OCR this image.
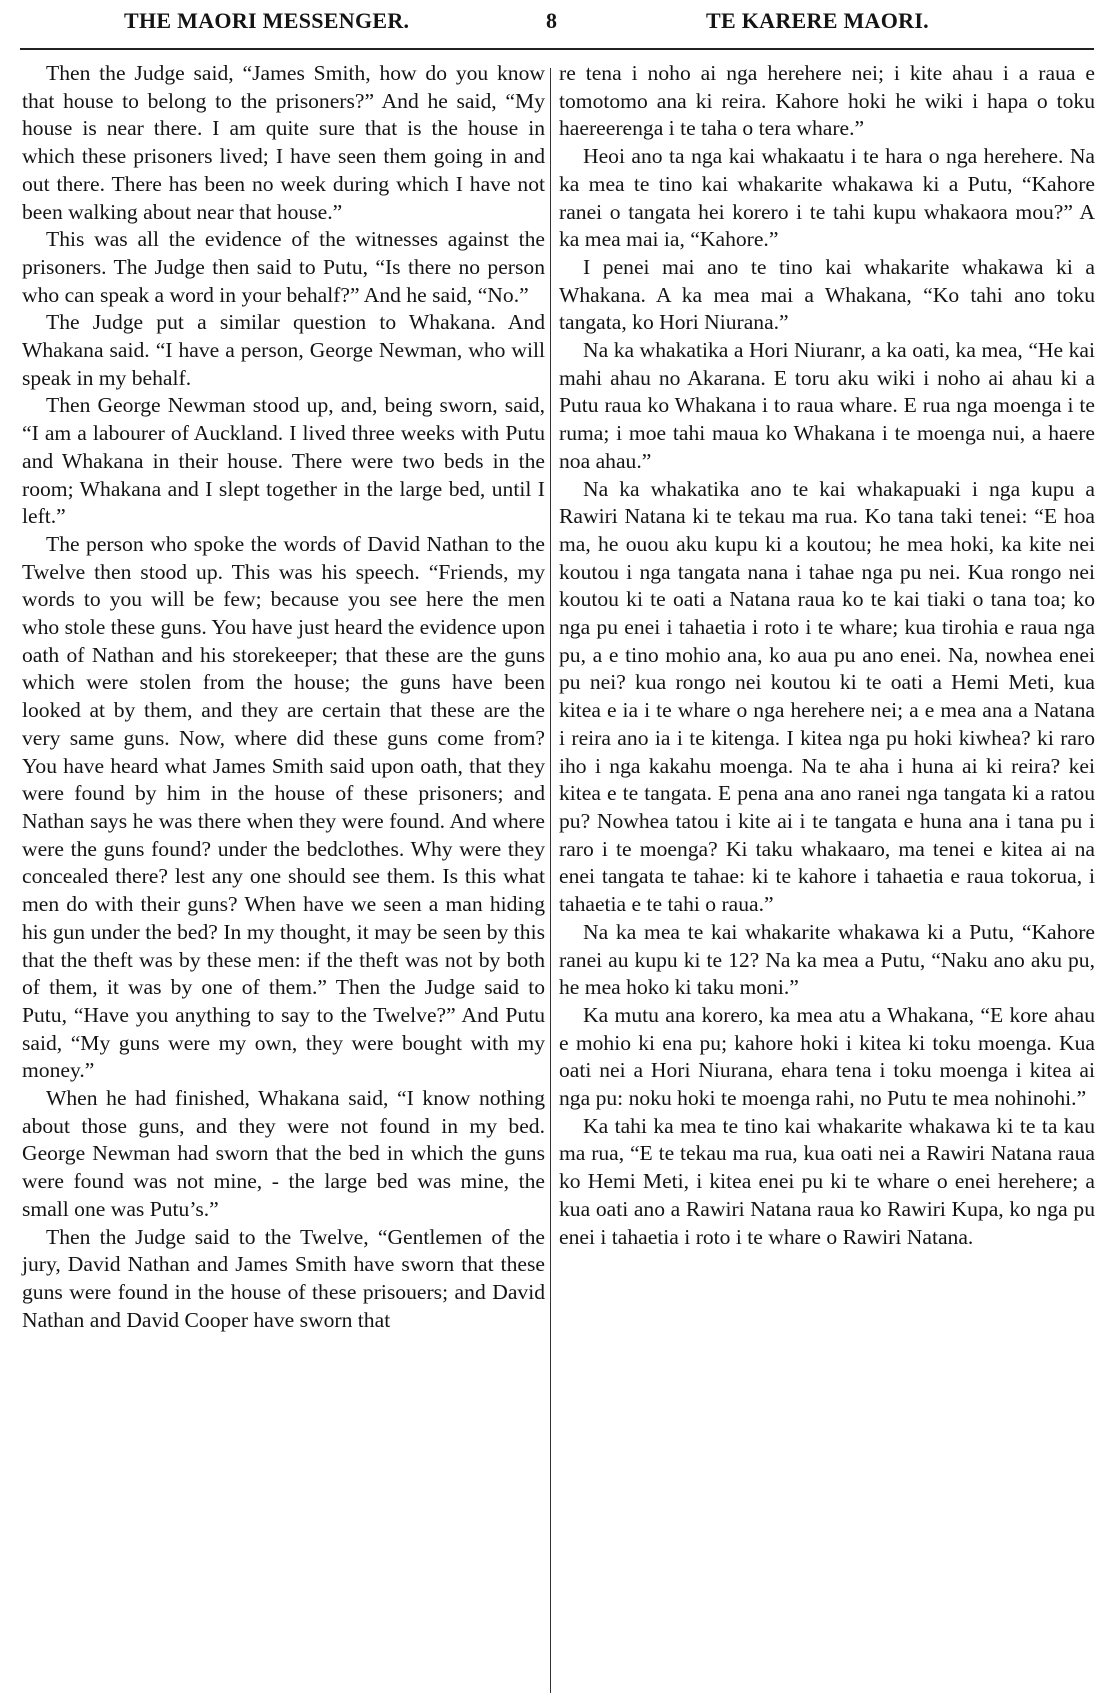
THE MAORI MESSENGER.	8	TE KARERE MAORI.

Then the Judge said, “James Smith, how do you know that house to belong to the prisoners?” And he said, “My house is near there. I am quite sure that is the house in which these prisoners lived; I have seen them going in and out there. There has been no week during which I have not been walking about near that house.”

This was all the evidence of the witnesses against the prisoners. The Judge then said to Putu, “Is there no person who can speak a word in your behalf?” And he said, “No.”

The Judge put a similar question to Whakana. And Whakana said. “I have a person, George Newman, who will speak in my behalf.

Then George Newman stood up, and, being sworn, said, “I am a labourer of Auckland. I lived three weeks with Putu and Whakana in their house. There were two beds in the room; Whakana and I slept together in the large bed, until I left.”

The person who spoke the words of David Nathan to the Twelve then stood up. This was his speech. “Friends, my words to you will be few; because you see here the men who stole these guns. You have just heard the evidence upon oath of Nathan and his storekeeper; that these are the guns which were stolen from the house; the guns have been looked at by them, and they are certain that these are the very same guns. Now, where did these guns come from? You have heard what James Smith said upon oath, that they were found by him in the house of these prisoners; and Nathan says he was there when they were found. And where were the guns found? under the bedclothes. Why were they concealed there? lest any one should see them. Is this what men do with their guns? When have we seen a man hiding his gun under the bed? In my thought, it may be seen by this that the theft was by these men: if the theft was not by both of them, it was by one of them.” Then the Judge said to Putu, “Have you anything to say to the Twelve?” And Putu said, “My guns were my own, they were bought with my money.”

When he had finished, Whakana said, “I know nothing about those guns, and they were not found in my bed. George Newman had sworn that the bed in which the guns were found was not mine, - the large bed was mine, the small one was Putu’s.”

Then the Judge said to the Twelve, “Gentlemen of the jury, David Nathan and James Smith have sworn that these guns were found in the house of these prisouers; and David Nathan and David Cooper have sworn that

re tena i noho ai nga herehere nei; i kite ahau i a raua e tomotomo ana ki reira. Kahore hoki he wiki i hapa o toku haereerenga i te taha o tera whare.”

Heoi ano ta nga kai whakaatu i te hara o nga herehere. Na ka mea te tino kai whakarite whakawa ki a Putu, “Kahore ranei o tangata hei korero i te tahi kupu whakaora mou?” A ka mea mai ia, “Kahore.”

I penei mai ano te tino kai whakarite whakawa ki a Whakana. A ka mea mai a Whakana, “Ko tahi ano toku tangata, ko Hori Niurana.”

Na ka whakatika a Hori Niuranr, a ka oati, ka mea, “He kai mahi ahau no Akarana. E toru aku wiki i noho ai ahau ki a Putu raua ko Whakana i to raua whare. E rua nga moenga i te ruma; i moe tahi maua ko Whakana i te moenga nui, a haere noa ahau.”

Na ka whakatika ano te kai whakapuaki i nga kupu a Rawiri Natana ki te tekau ma rua. Ko tana taki tenei: “E hoa ma, he ouou aku kupu ki a koutou; he mea hoki, ka kite nei koutou i nga tangata nana i tahae nga pu nei. Kua rongo nei koutou ki te oati a Natana raua ko te kai tiaki o tana toa; ko nga pu enei i tahaetia i roto i te whare; kua tirohia e raua nga pu, a e tino mohio ana, ko aua pu ano enei. Na, nowhea enei pu nei? kua rongo nei koutou ki te oati a Hemi Meti, kua kitea e ia i te whare o nga herehere nei; a e mea ana a Natana i reira ano ia i te kitenga. I kitea nga pu hoki kiwhea? ki raro iho i nga kakahu moenga. Na te aha i huna ai ki reira? kei kitea e te tangata. E pena ana ano ranei nga tangata ki a ratou pu? Nowhea tatou i kite ai i te tangata e huna ana i tana pu i raro i te moenga? Ki taku whakaaro, ma tenei e kitea ai na enei tangata te tahae: ki te kahore i tahaetia e raua tokorua, i tahaetia e te tahi o raua.”

Na ka mea te kai whakarite whakawa ki a Putu, “Kahore ranei au kupu ki te 12? Na ka mea a Putu, “Naku ano aku pu, he mea hoko ki taku moni.”

Ka mutu ana korero, ka mea atu a Whakana, “E kore ahau e mohio ki ena pu; kahore hoki i kitea ki toku moenga. Kua oati nei a Hori Niurana, ehara tena i toku moenga i kitea ai nga pu: noku hoki te moenga rahi, no Putu te mea nohinohi.”

Ka tahi ka mea te tino kai whakarite whakawa ki te ta kau ma rua, “E te tekau ma rua, kua oati nei a Rawiri Natana raua ko Hemi Meti, i kitea enei pu ki te whare o enei herehere; a kua oati ano a Rawiri Natana raua ko Rawiri Kupa, ko nga pu enei i tahaetia i roto i te whare o Rawiri Natana.
